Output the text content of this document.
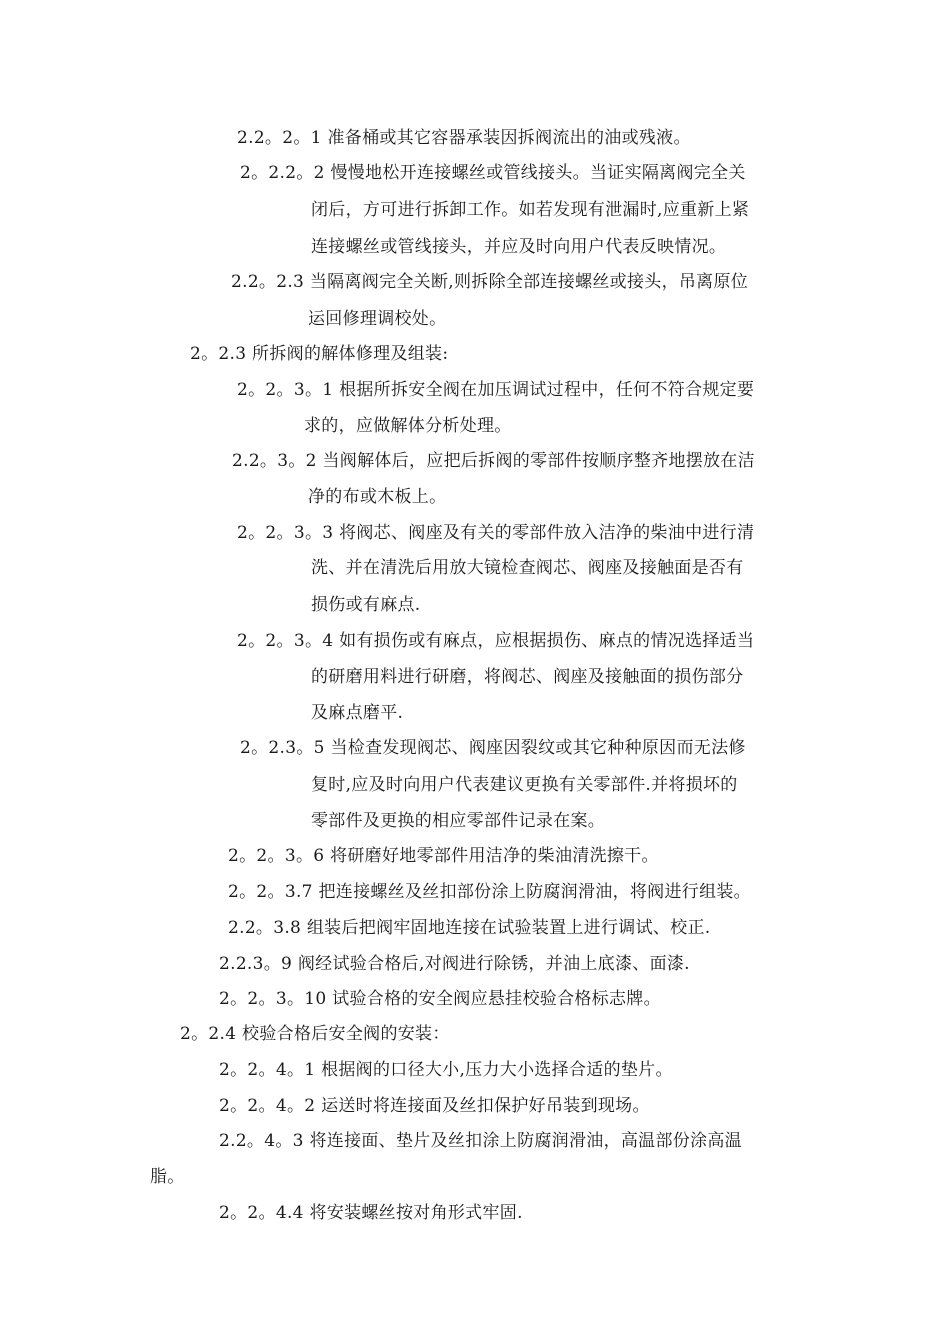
2.2。2。1 准备桶或其它容器承装因拆阀流出的油或残液。
2。2.2。2 慢慢地松开连接螺丝或管线接头。当证实隔离阀完全关
闭后，方可进行拆卸工作。如若发现有泄漏时,应重新上紧
连接螺丝或管线接头，并应及时向用户代表反映情况。
2.2。2.3 当隔离阀完全关断,则拆除全部连接螺丝或接头，吊离原位
运回修理调校处。
2。2.3 所拆阀的解体修理及组装:
2。2。3。1 根据所拆安全阀在加压调试过程中，任何不符合规定要
求的，应做解体分析处理。
2.2。3。2 当阀解体后，应把后拆阀的零部件按顺序整齐地摆放在洁
净的布或木板上。
2。2。3。3 将阀芯、阀座及有关的零部件放入洁净的柴油中进行清
洗、并在清洗后用放大镜检查阀芯、阀座及接触面是否有
损伤或有麻点.
2。2。3。4 如有损伤或有麻点，应根据损伤、麻点的情况选择适当
的研磨用料进行研磨，将阀芯、阀座及接触面的损伤部分
及麻点磨平.
2。2.3。5 当检查发现阀芯、阀座因裂纹或其它种种原因而无法修
复时,应及时向用户代表建议更换有关零部件.并将损坏的
零部件及更换的相应零部件记录在案。
2。2。3。6 将研磨好地零部件用洁净的柴油清洗擦干。
2。2。3.7 把连接螺丝及丝扣部份涂上防腐润滑油，将阀进行组装。
2.2。3.8 组装后把阀牢固地连接在试验装置上进行调试、校正.
2.2.3。9 阀经试验合格后,对阀进行除锈，并油上底漆、面漆.
2。2。3。10 试验合格的安全阀应悬挂校验合格标志牌。
2。2.4 校验合格后安全阀的安装：
2。2。4。1 根据阀的口径大小,压力大小选择合适的垫片。
2。2。4。2 运送时将连接面及丝扣保护好吊装到现场。
2.2。4。3 将连接面、垫片及丝扣涂上防腐润滑油，高温部份涂高温
脂。
2。2。4.4 将安装螺丝按对角形式牢固.
